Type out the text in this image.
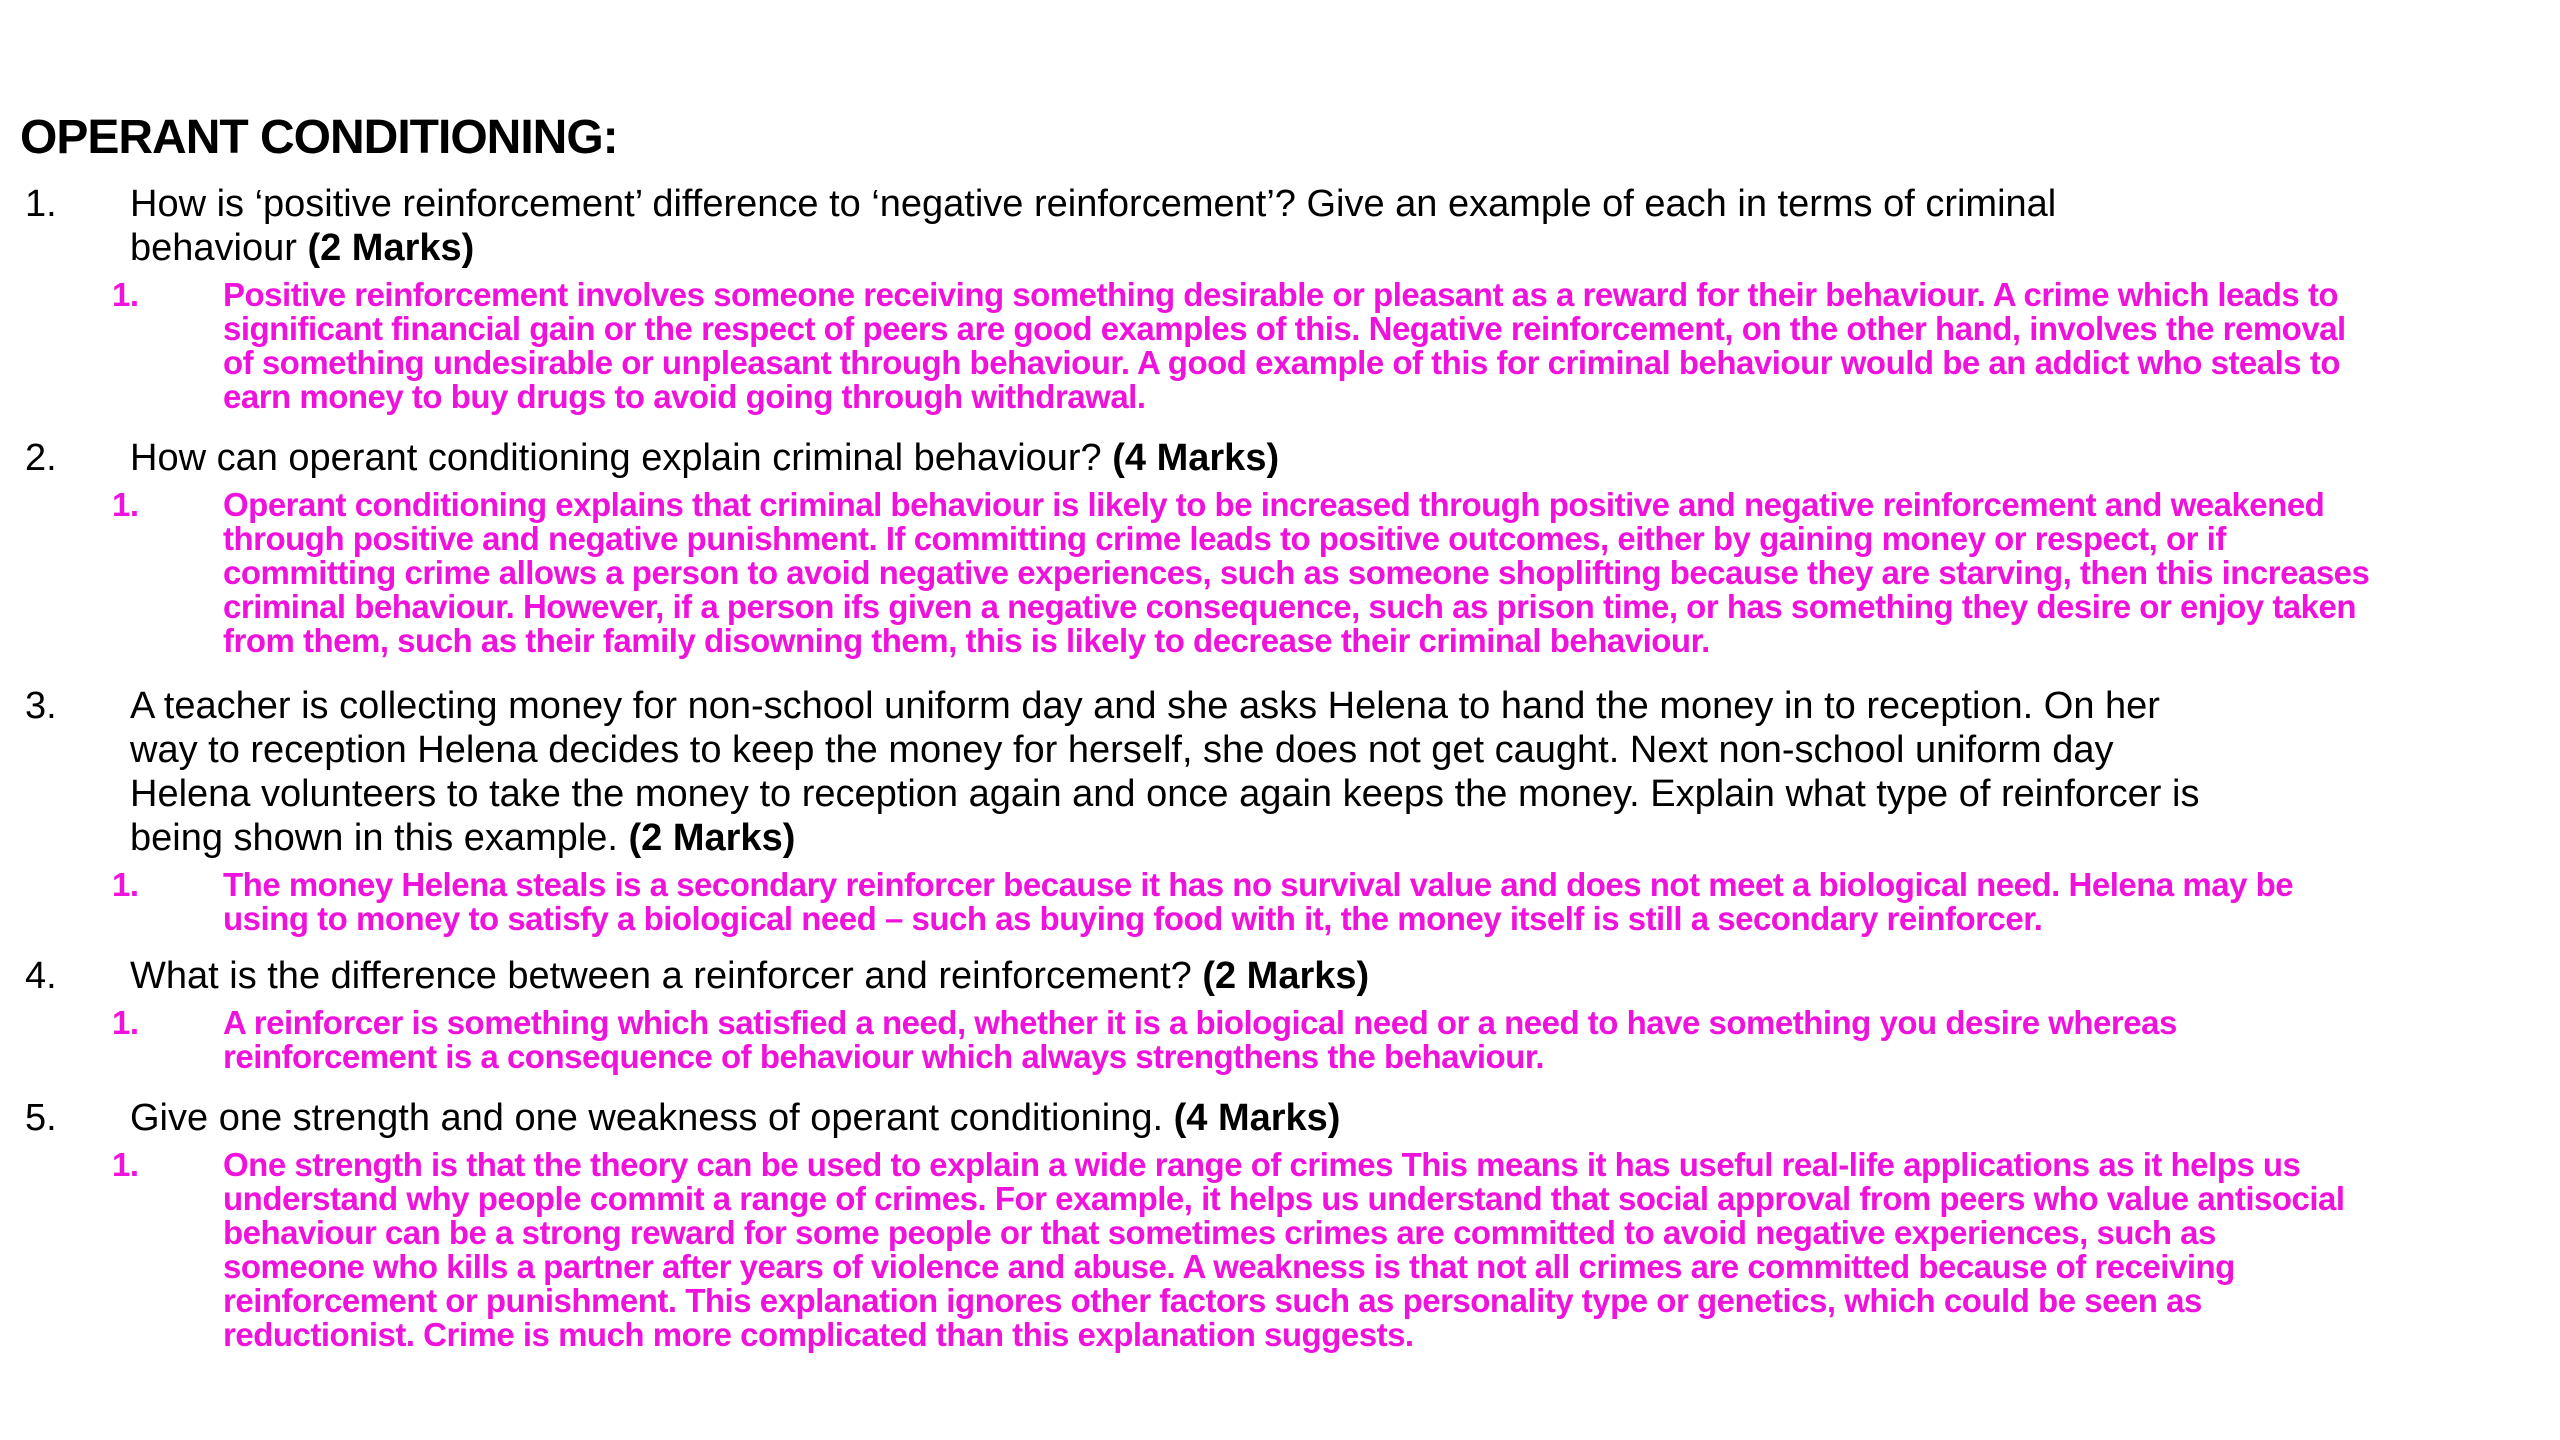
OPERANT CONDITIONING:
1.	How is ‘positive reinforcement’ difference to ‘negative reinforcement’? Give an example of each in terms of criminal
behaviour (2 Marks)
1.	Positive reinforcement involves someone receiving something desirable or pleasant as a reward for their behaviour. A crime which leads to
significant financial gain or the respect of peers are good examples of this. Negative reinforcement, on the other hand, involves the removal
of something undesirable or unpleasant through behaviour. A good example of this for criminal behaviour would be an addict who steals to
earn money to buy drugs to avoid going through withdrawal.
2.	How can operant conditioning explain criminal behaviour? (4 Marks)
1.	Operant conditioning explains that criminal behaviour is likely to be increased through positive and negative reinforcement and weakened
through positive and negative punishment. If committing crime leads to positive outcomes, either by gaining money or respect, or if
committing crime allows a person to avoid negative experiences, such as someone shoplifting because they are starving, then this increases
criminal behaviour. However, if a person ifs given a negative consequence, such as prison time, or has something they desire or enjoy taken
from them, such as their family disowning them, this is likely to decrease their criminal behaviour.
3.	A teacher is collecting money for non-school uniform day and she asks Helena to hand the money in to reception. On her
way to reception Helena decides to keep the money for herself, she does not get caught. Next non-school uniform day
Helena volunteers to take the money to reception again and once again keeps the money. Explain what type of reinforcer is
being shown in this example. (2 Marks)
1.	The money Helena steals is a secondary reinforcer because it has no survival value and does not meet a biological need. Helena may be
using to money to satisfy a biological need – such as buying food with it, the money itself is still a secondary reinforcer.
4.	What is the difference between a reinforcer and reinforcement? (2 Marks)
1.	A reinforcer is something which satisfied a need, whether it is a biological need or a need to have something you desire whereas
reinforcement is a consequence of behaviour which always strengthens the behaviour.
5.	Give one strength and one weakness of operant conditioning. (4 Marks)
1.	One strength is that the theory can be used to explain a wide range of crimes This means it has useful real-life applications as it helps us
understand why people commit a range of crimes. For example, it helps us understand that social approval from peers who value antisocial
behaviour can be a strong reward for some people or that sometimes crimes are committed to avoid negative experiences, such as
someone who kills a partner after years of violence and abuse. A weakness is that not all crimes are committed because of receiving
reinforcement or punishment. This explanation ignores other factors such as personality type or genetics, which could be seen as
reductionist. Crime is much more complicated than this explanation suggests.
